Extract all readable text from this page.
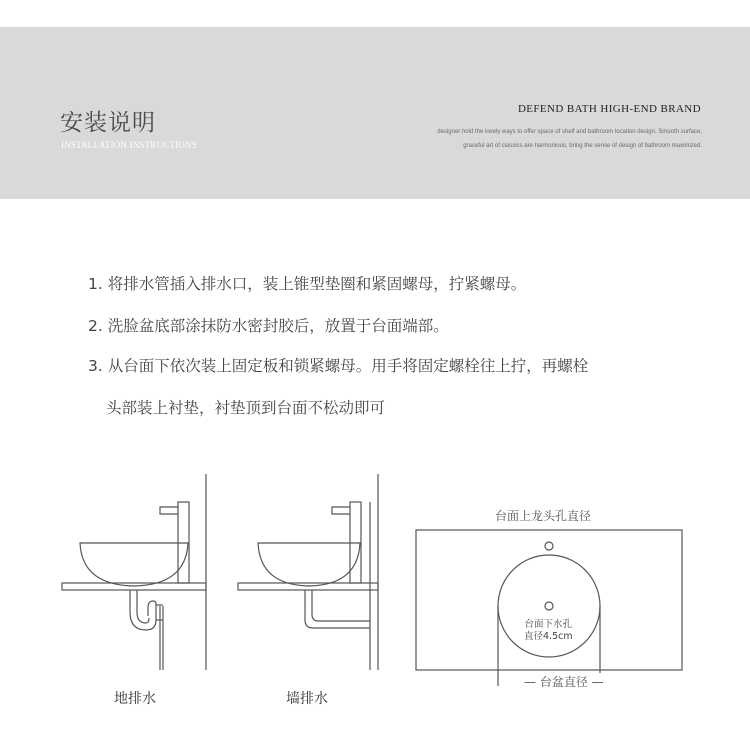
安装说明
INSTALLATION INSTRUCTIONS
DEFEND BATH HIGH-END BRAND
designer hold the lovely ways to offer space of shelf and bathroom location design. Smooth surface,
graceful art of classics are harmonious, bring the sense of design of bathroom maximized.
1. 将排水管插入排水口，装上锥型垫圈和紧固螺母，拧紧螺母。
2. 洗脸盆底部涂抹防水密封胶后，放置于台面端部。
3. 从台面下依次装上固定板和锁紧螺母。用手将固定螺栓往上拧，再螺栓
头部装上衬垫，衬垫顶到台面不松动即可
台面上龙头孔直径
台面下水孔
直径4.5cm
— 台盆直径 —
地排水	墙排水
